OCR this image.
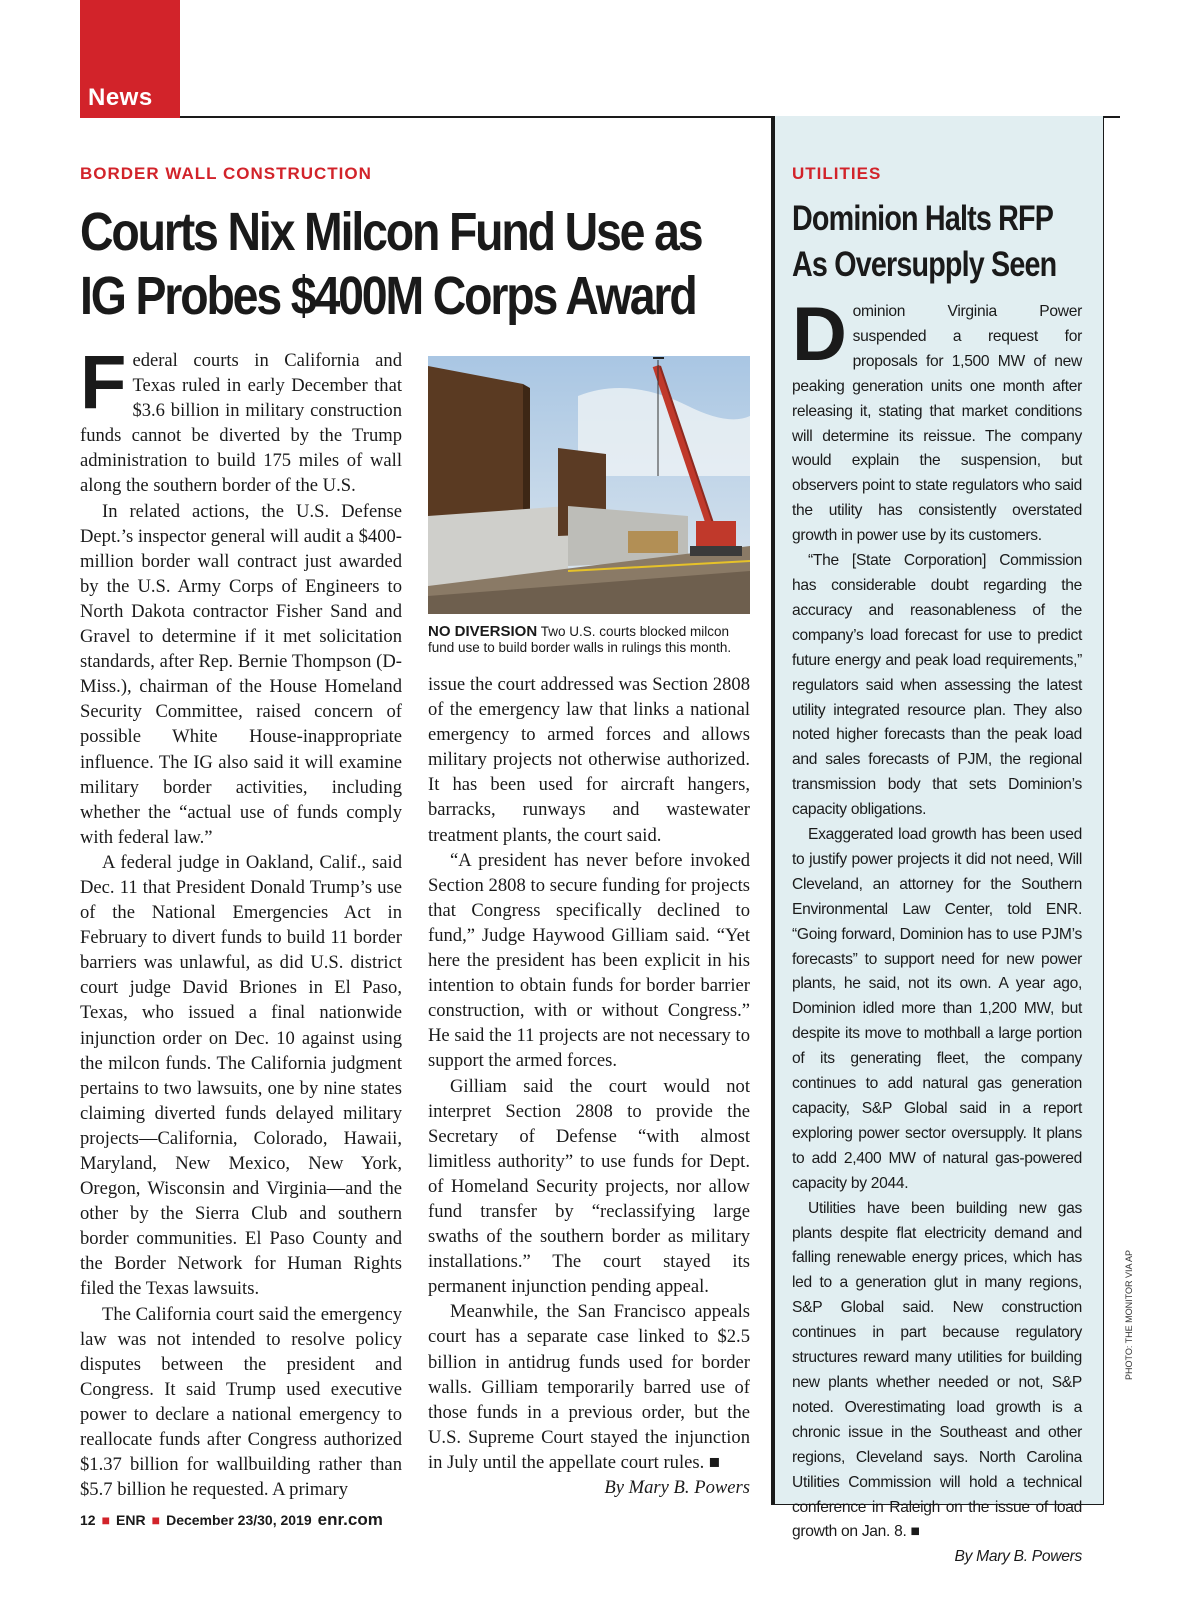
News
BORDER WALL CONSTRUCTION
Courts Nix Milcon Fund Use as
IG Probes $400M Corps Award

Federal courts in California and Texas ruled in early December that $3.6 billion in military construction funds cannot be diverted by the Trump administration to build 175 miles of wall along the southern border of the U.S.

In related actions, the U.S. Defense Dept.’s inspector general will audit a $400-million border wall contract just awarded by the U.S. Army Corps of Engineers to North Dakota contractor Fisher Sand and Gravel to determine if it met solicitation standards, after Rep. Bernie Thompson (D-Miss.), chairman of the House Homeland Security Committee, raised concern of possible White House-inappropriate influence. The IG also said it will examine military border activities, including whether the “actual use of funds comply with federal law.”

A federal judge in Oakland, Calif., said Dec. 11 that President Donald Trump’s use of the National Emergencies Act in February to divert funds to build 11 border barriers was unlawful, as did U.S. district court judge David Briones in El Paso, Texas, who issued a final nationwide injunction order on Dec. 10 against using the milcon funds. The California judgment pertains to two lawsuits, one by nine states claiming diverted funds delayed military projects—California, Colorado, Hawaii, Maryland, New Mexico, New York, Oregon, Wisconsin and Virginia—and the other by the Sierra Club and southern border communities. El Paso County and the Border Network for Human Rights filed the Texas lawsuits.

The California court said the emergency law was not intended to resolve policy disputes between the president and Congress. It said Trump used executive power to declare a national emergency to reallocate funds after Congress authorized $1.37 billion for wallbuilding rather than $5.7 billion he requested. A primary

NO DIVERSION Two U.S. courts blocked milcon fund use to build border walls in rulings this month.

issue the court addressed was Section 2808 of the emergency law that links a national emergency to armed forces and allows military projects not otherwise authorized. It has been used for aircraft hangers, barracks, runways and wastewater treatment plants, the court said.

“A president has never before invoked Section 2808 to secure funding for projects that Congress specifically declined to fund,” Judge Haywood Gilliam said. “Yet here the president has been explicit in his intention to obtain funds for border barrier construction, with or without Congress.” He said the 11 projects are not necessary to support the armed forces.

Gilliam said the court would not interpret Section 2808 to provide the Secretary of Defense “with almost limitless authority” to use funds for Dept. of Homeland Security projects, nor allow fund transfer by “reclassifying large swaths of the southern border as military installations.” The court stayed its permanent injunction pending appeal.

Meanwhile, the San Francisco appeals court has a separate case linked to $2.5 billion in antidrug funds used for border walls. Gilliam temporarily barred use of those funds in a previous order, but the U.S. Supreme Court stayed the injunction in July until the appellate court rules. ■

By Mary B. Powers

UTILITIES
Dominion Halts RFP
As Oversupply Seen

Dominion Virginia Power suspended a request for proposals for 1,500 MW of new peaking generation units one month after releasing it, stating that market conditions will determine its reissue. The company would explain the suspension, but observers point to state regulators who said the utility has consistently overstated growth in power use by its customers.

“The [State Corporation] Commission has considerable doubt regarding the accuracy and reasonableness of the company’s load forecast for use to predict future energy and peak load requirements,” regulators said when assessing the latest utility integrated resource plan. They also noted higher forecasts than the peak load and sales forecasts of PJM, the regional transmission body that sets Dominion’s capacity obligations.

Exaggerated load growth has been used to justify power projects it did not need, Will Cleveland, an attorney for the Southern Environmental Law Center, told ENR. “Going forward, Dominion has to use PJM’s forecasts” to support need for new power plants, he said, not its own. A year ago, Dominion idled more than 1,200 MW, but despite its move to mothball a large portion of its generating fleet, the company continues to add natural gas generation capacity, S&P Global said in a report exploring power sector oversupply. It plans to add 2,400 MW of natural gas-powered capacity by 2044.

Utilities have been building new gas plants despite flat electricity demand and falling renewable energy prices, which has led to a generation glut in many regions, S&P Global said. New construction continues in part because regulatory structures reward many utilities for building new plants whether needed or not, S&P noted. Overestimating load growth is a chronic issue in the Southeast and other regions, Cleveland says. North Carolina Utilities Commission will hold a technical conference in Raleigh on the issue of load growth on Jan. 8. ■

By Mary B. Powers

PHOTO: THE MONITOR VIA AP
12 ■ ENR ■ December 23/30, 2019 enr.com
